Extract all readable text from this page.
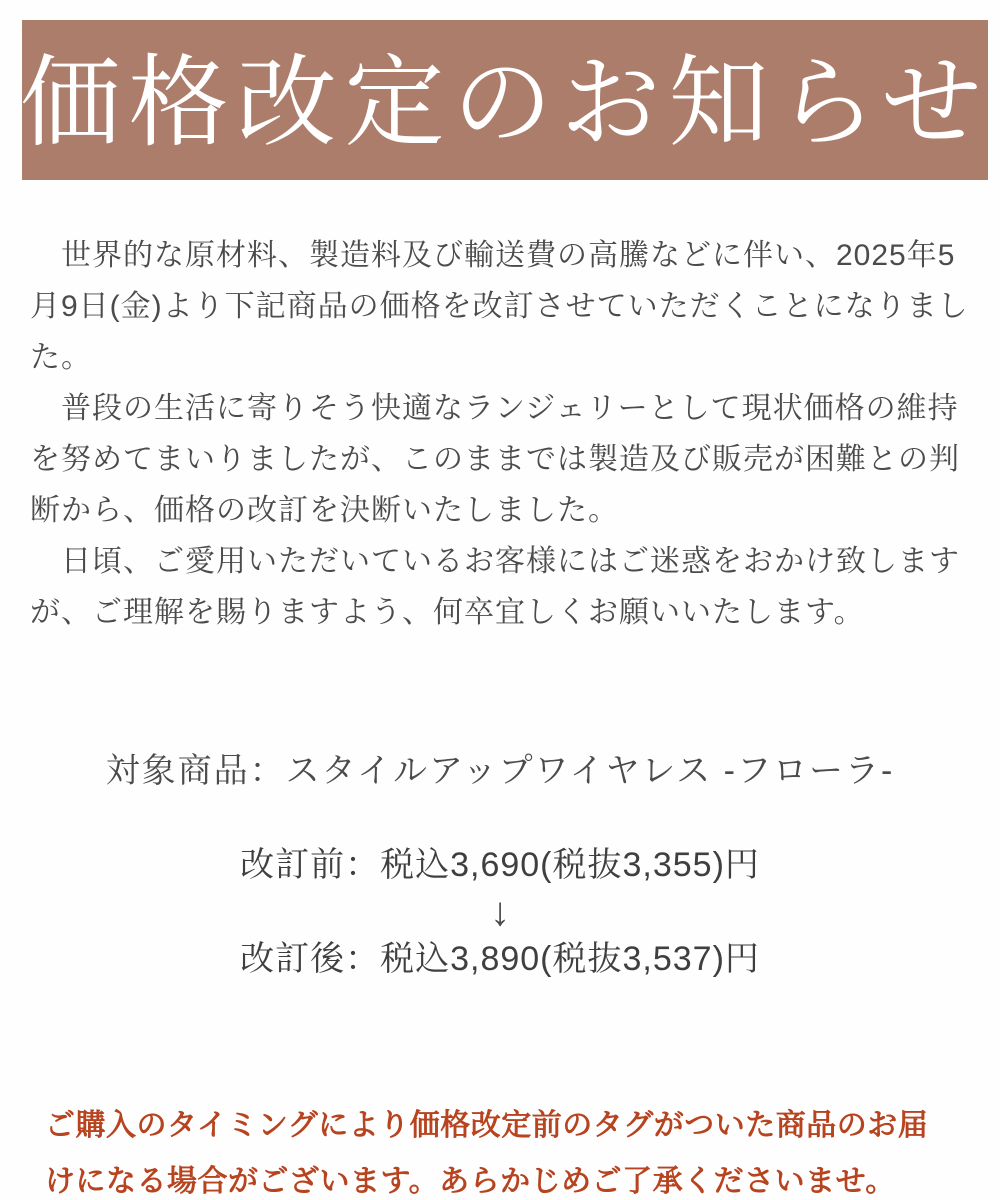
価格改定のお知らせ

　世界的な原材料、製造料及び輸送費の高騰などに伴い、2025年5月9日(金)より下記商品の価格を改訂させていただくことになりました。

　普段の生活に寄りそう快適なランジェリーとして現状価格の維持を努めてまいりましたが、このままでは製造及び販売が困難との判断から、価格の改訂を決断いたしました。

　日頃、ご愛用いただいているお客様にはご迷惑をおかけ致しますが、ご理解を賜りますよう、何卒宜しくお願いいたします。

対象商品：スタイルアップワイヤレス -フローラ-
改訂前：税込3,690(税抜3,355)円
↓
改訂後：税込3,890(税抜3,537)円

ご購入のタイミングにより価格改定前のタグがついた商品のお届けになる場合がございます。あらかじめご了承くださいませ。
